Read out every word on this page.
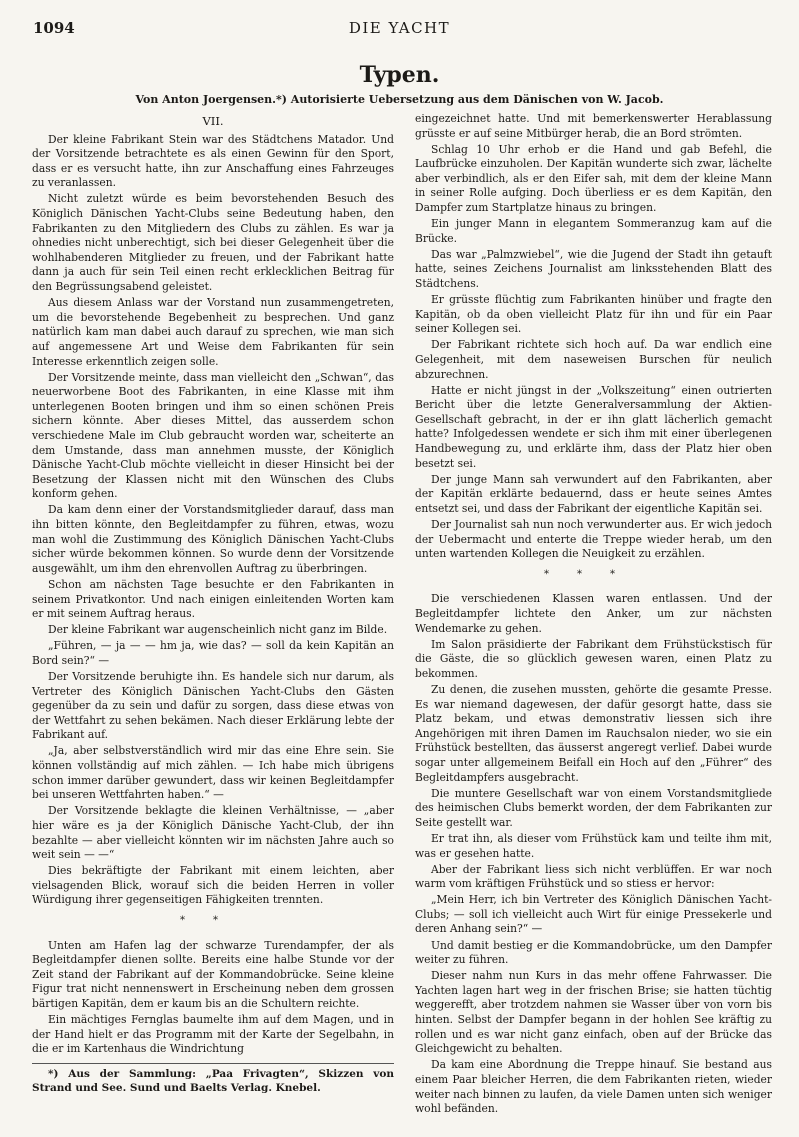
1094	DIE YACHT
Typen.
Von Anton Joergensen.*) Autorisierte Uebersetzung aus dem Dänischen von W. Jacob.
VII.

Der kleine Fabrikant Stein war des Städtchens Matador. Und der Vorsitzende betrachtete es als einen Gewinn für den Sport, dass er es versucht hatte, ihn zur Anschaffung eines Fahrzeuges zu veranlassen.

Nicht zuletzt würde es beim bevorstehenden Besuch des Königlich Dänischen Yacht-Clubs seine Bedeutung haben, den Fabrikanten zu den Mitgliedern des Clubs zu zählen. Es war ja ohnedies nicht unberechtigt, sich bei dieser Gelegenheit über die wohlhabenderen Mitglieder zu freuen, und der Fabrikant hatte dann ja auch für sein Teil einen recht erklecklichen Beitrag für den Begrüssungsabend geleistet.

Aus diesem Anlass war der Vorstand nun zusammengetreten, um die bevorstehende Begebenheit zu besprechen. Und ganz natürlich kam man dabei auch darauf zu sprechen, wie man sich auf angemessene Art und Weise dem Fabrikanten für sein Interesse erkenntlich zeigen solle.

Der Vorsitzende meinte, dass man vielleicht den „Schwan“, das neuerworbene Boot des Fabrikanten, in eine Klasse mit ihm unterlegenen Booten bringen und ihm so einen schönen Preis sichern könnte. Aber dieses Mittel, das ausserdem schon verschiedene Male im Club gebraucht worden war, scheiterte an dem Umstande, dass man annehmen musste, der Königlich Dänische Yacht-Club möchte vielleicht in dieser Hinsicht bei der Besetzung der Klassen nicht mit den Wünschen des Clubs konform gehen.

Da kam denn einer der Vorstandsmitglieder darauf, dass man ihn bitten könnte, den Begleitdampfer zu führen, etwas, wozu man wohl die Zustimmung des Königlich Dänischen Yacht-Clubs sicher würde bekommen können. So wurde denn der Vorsitzende ausgewählt, um ihm den ehrenvollen Auftrag zu überbringen.

Schon am nächsten Tage besuchte er den Fabrikanten in seinem Privatkontor. Und nach einigen einleitenden Worten kam er mit seinem Auftrag heraus.

Der kleine Fabrikant war augenscheinlich nicht ganz im Bilde.

„Führen, — ja — — hm ja, wie das? — soll da kein Kapitän an Bord sein?“ —

Der Vorsitzende beruhigte ihn. Es handele sich nur darum, als Vertreter des Königlich Dänischen Yacht-Clubs den Gästen gegenüber da zu sein und dafür zu sorgen, dass diese etwas von der Wettfahrt zu sehen bekämen. Nach dieser Erklärung lebte der Fabrikant auf.

„Ja, aber selbstverständlich wird mir das eine Ehre sein. Sie können vollständig auf mich zählen. — Ich habe mich übrigens schon immer darüber gewundert, dass wir keinen Begleitdampfer bei unseren Wettfahrten haben.“ —

Der Vorsitzende beklagte die kleinen Verhältnisse, — „aber hier wäre es ja der Königlich Dänische Yacht-Club, der ihn bezahlte — aber vielleicht könnten wir im nächsten Jahre auch so weit sein — —“

Dies bekräftigte der Fabrikant mit einem leichten, aber vielsagenden Blick, worauf sich die beiden Herren in voller Würdigung ihrer gegenseitigen Fähigkeiten trennten.

**

Unten am Hafen lag der schwarze Turendampfer, der als Begleitdampfer dienen sollte. Bereits eine halbe Stunde vor der Zeit stand der Fabrikant auf der Kommandobrücke. Seine kleine Figur trat nicht nennenswert in Erscheinung neben dem grossen bärtigen Kapitän, dem er kaum bis an die Schultern reichte.

Ein mächtiges Fernglas baumelte ihm auf dem Magen, und in der Hand hielt er das Programm mit der Karte der Segelbahn, in die er im Kartenhaus die Windrichtung

*) Aus der Sammlung: „Paa Frivagten“, Skizzen von Strand und See. Sund und Baelts Verlag. Knebel.

eingezeichnet hatte. Und mit bemerkenswerter Herablassung grüsste er auf seine Mitbürger herab, die an Bord strömten.

Schlag 10 Uhr erhob er die Hand und gab Befehl, die Laufbrücke einzuholen. Der Kapitän wunderte sich zwar, lächelte aber verbindlich, als er den Eifer sah, mit dem der kleine Mann in seiner Rolle aufging. Doch überliess er es dem Kapitän, den Dampfer zum Startplatze hinaus zu bringen.

Ein junger Mann in elegantem Sommeranzug kam auf die Brücke.

Das war „Palmzwiebel“, wie die Jugend der Stadt ihn getauft hatte, seines Zeichens Journalist am linksstehenden Blatt des Städtchens.

Er grüsste flüchtig zum Fabrikanten hinüber und fragte den Kapitän, ob da oben vielleicht Platz für ihn und für ein Paar seiner Kollegen sei.

Der Fabrikant richtete sich hoch auf. Da war endlich eine Gelegenheit, mit dem naseweisen Burschen für neulich abzurechnen.

Hatte er nicht jüngst in der „Volkszeitung“ einen outrierten Bericht über die letzte Generalversammlung der Aktien-Gesellschaft gebracht, in der er ihn glatt lächerlich gemacht hatte? Infolgedessen wendete er sich ihm mit einer überlegenen Handbewegung zu, und erklärte ihm, dass der Platz hier oben besetzt sei.

Der junge Mann sah verwundert auf den Fabrikanten, aber der Kapitän erklärte bedauernd, dass er heute seines Amtes entsetzt sei, und dass der Fabrikant der eigentliche Kapitän sei.

Der Journalist sah nun noch verwunderter aus. Er wich jedoch der Uebermacht und enterte die Treppe wieder herab, um den unten wartenden Kollegen die Neuigkeit zu erzählen.

***

Die verschiedenen Klassen waren entlassen. Und der Begleitdampfer lichtete den Anker, um zur nächsten Wendemarke zu gehen.

Im Salon präsidierte der Fabrikant dem Frühstückstisch für die Gäste, die so glücklich gewesen waren, einen Platz zu bekommen.

Zu denen, die zusehen mussten, gehörte die gesamte Presse. Es war niemand dagewesen, der dafür gesorgt hatte, dass sie Platz bekam, und etwas demonstrativ liessen sich ihre Angehörigen mit ihren Damen im Rauchsalon nieder, wo sie ein Frühstück bestellten, das äusserst angeregt verlief. Dabei wurde sogar unter allgemeinem Beifall ein Hoch auf den „Führer“ des Begleitdampfers ausgebracht.

Die muntere Gesellschaft war von einem Vorstandsmitgliede des heimischen Clubs bemerkt worden, der dem Fabrikanten zur Seite gestellt war.

Er trat ihn, als dieser vom Frühstück kam und teilte ihm mit, was er gesehen hatte.

Aber der Fabrikant liess sich nicht verblüffen. Er war noch warm vom kräftigen Frühstück und so stiess er hervor:

„Mein Herr, ich bin Vertreter des Königlich Dänischen Yacht-Clubs; — soll ich vielleicht auch Wirt für einige Pressekerle und deren Anhang sein?“ —

Und damit bestieg er die Kommandobrücke, um den Dampfer weiter zu führen.

Dieser nahm nun Kurs in das mehr offene Fahrwasser. Die Yachten lagen hart weg in der frischen Brise; sie hatten tüchtig weggerefft, aber trotzdem nahmen sie Wasser über von vorn bis hinten. Selbst der Dampfer begann in der hohlen See kräftig zu rollen und es war nicht ganz einfach, oben auf der Brücke das Gleichgewicht zu behalten.

Da kam eine Abordnung die Treppe hinauf. Sie bestand aus einem Paar bleicher Herren, die dem Fabrikanten rieten, wieder weiter nach binnen zu laufen, da viele Damen unten sich weniger wohl befänden.
